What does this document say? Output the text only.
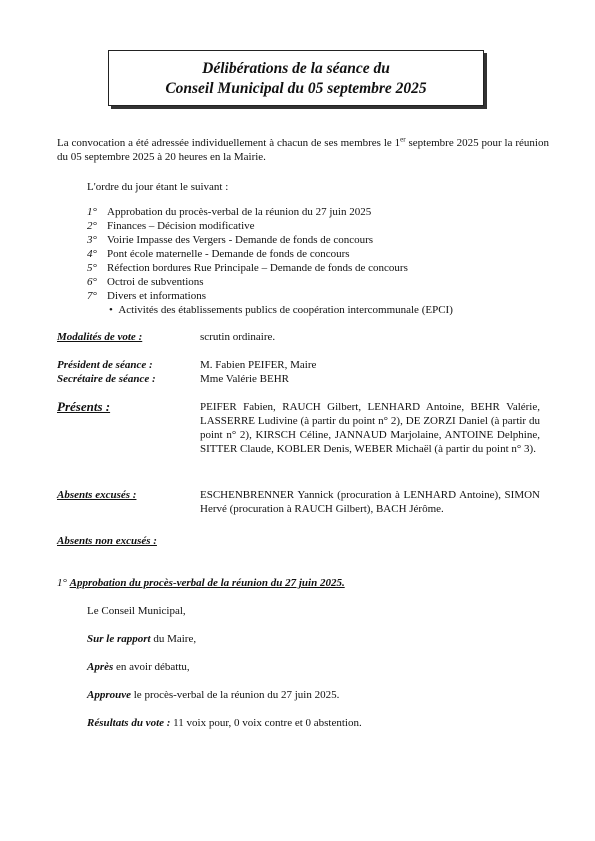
Délibérations de la séance du
Conseil Municipal du 05 septembre 2025
La convocation a été adressée individuellement à chacun de ses membres le 1er septembre 2025 pour la réunion du 05 septembre 2025 à 20 heures en la Mairie.
L'ordre du jour étant le suivant :
1° Approbation du procès-verbal de la réunion du 27 juin 2025
2° Finances – Décision modificative
3° Voirie Impasse des Vergers - Demande de fonds de concours
4° Pont école maternelle - Demande de fonds de concours
5° Réfection bordures Rue Principale – Demande de fonds de concours
6° Octroi de subventions
7° Divers et informations
•  Activités des établissements publics de coopération intercommunale (EPCI)
Modalités de vote :	scrutin ordinaire.
Président de séance :	M. Fabien PEIFER, Maire
Secrétaire de séance :	Mme Valérie BEHR
Présents :	PEIFER Fabien, RAUCH Gilbert, LENHARD Antoine, BEHR Valérie, LASSERRE Ludivine (à partir du point n° 2), DE ZORZI Daniel (à partir du point n° 2), KIRSCH Céline, JANNAUD Marjolaine, ANTOINE Delphine, SITTER Claude, KOBLER Denis, WEBER Michaël (à partir du point n° 3).
Absents excusés :	ESCHENBRENNER Yannick (procuration à LENHARD Antoine), SIMON Hervé (procuration à RAUCH Gilbert), BACH Jérôme.
Absents non excusés :
1° Approbation du procès-verbal de la réunion du 27 juin 2025.
Le Conseil Municipal,
Sur le rapport du Maire,
Après en avoir débattu,
Approuve le procès-verbal de la réunion du 27 juin 2025.
Résultats du vote : 11 voix pour, 0 voix contre et 0 abstention.
